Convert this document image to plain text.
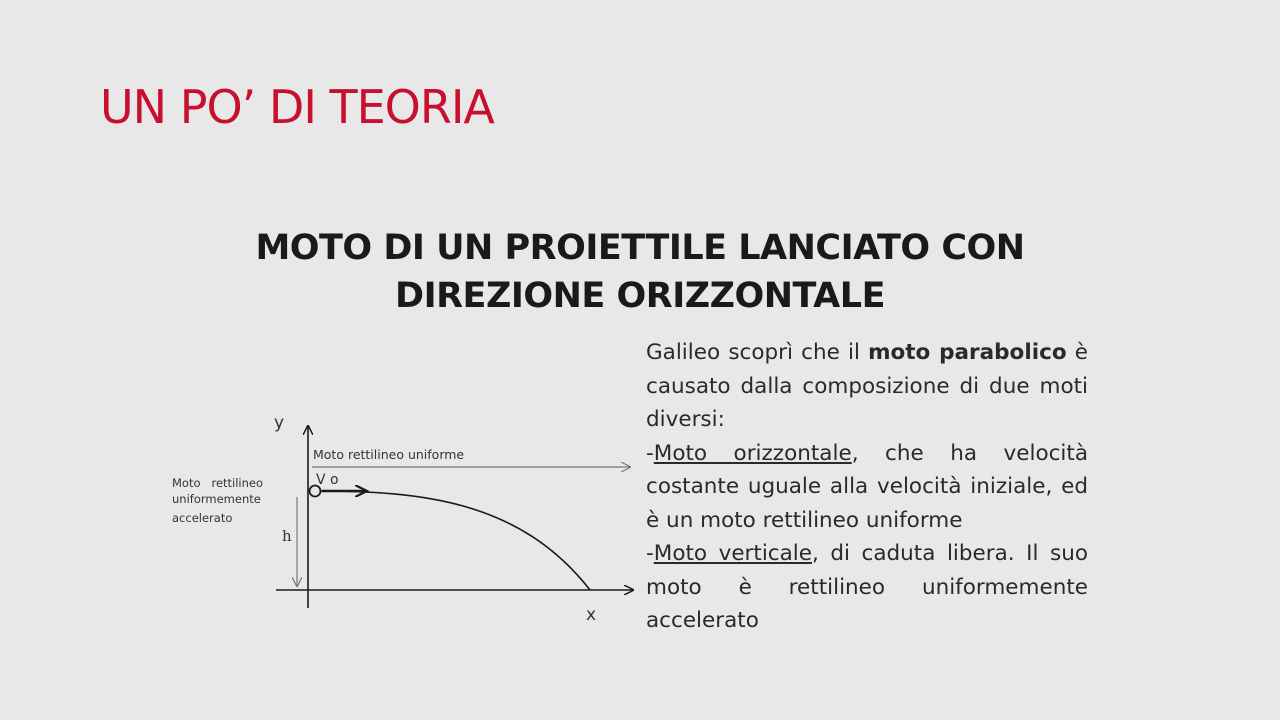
UN PO’ DI TEORIA
MOTO DI UN PROIETTILE LANCIATO CON
DIREZIONE ORIZZONTALE
y
x
h
V o
Moto rettilineo uniforme
Moto   rettilineo
uniformemente
accelerato

Galileo scoprì che il moto parabolico è causato dalla composizione di due moti diversi:

-Moto orizzontale, che ha velocità costante uguale alla velocità iniziale, ed è un moto rettilineo uniforme

-Moto verticale, di caduta libera. Il suo moto è rettilineo uniformemente accelerato
